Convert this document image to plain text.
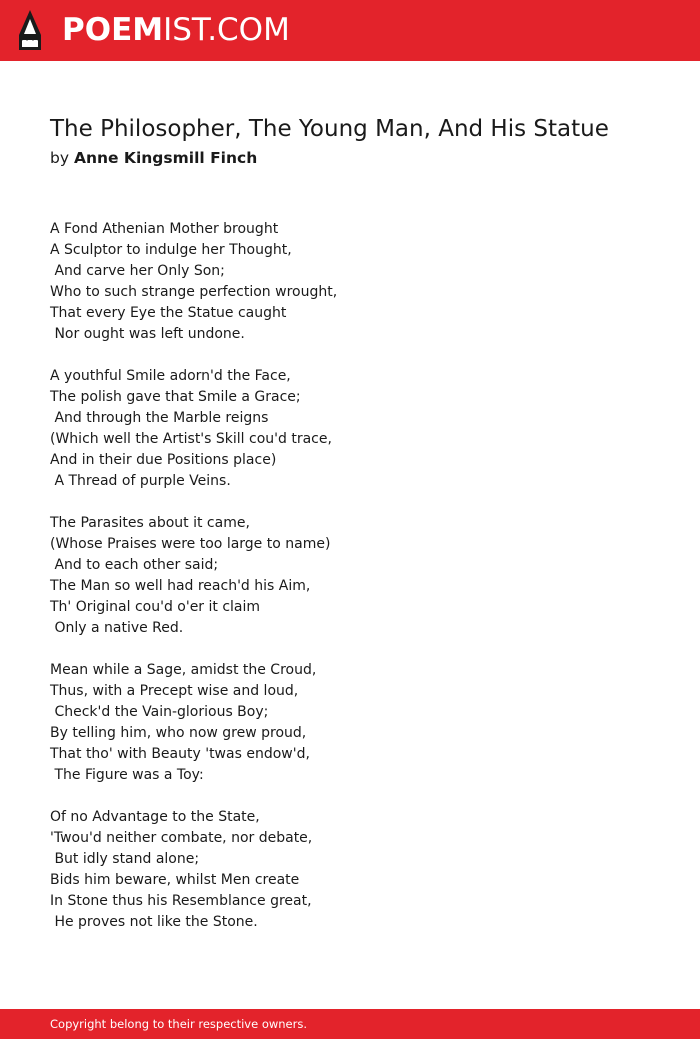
POEMIST.COM
The Philosopher, The Young Man, And His Statue
by Anne Kingsmill Finch
A Fond Athenian Mother brought
A Sculptor to indulge her Thought,
And carve her Only Son;
Who to such strange perfection wrought,
That every Eye the Statue caught
Nor ought was left undone.
A youthful Smile adorn'd the Face,
The polish gave that Smile a Grace;
And through the Marble reigns
(Which well the Artist's Skill cou'd trace,
And in their due Positions place)
A Thread of purple Veins.
The Parasites about it came,
(Whose Praises were too large to name)
And to each other said;
The Man so well had reach'd his Aim,
Th' Original cou'd o'er it claim
Only a native Red.
Mean while a Sage, amidst the Croud,
Thus, with a Precept wise and loud,
Check'd the Vain-glorious Boy;
By telling him, who now grew proud,
That tho' with Beauty 'twas endow'd,
The Figure was a Toy:
Of no Advantage to the State,
'Twou'd neither combate, nor debate,
But idly stand alone;
Bids him beware, whilst Men create
In Stone thus his Resemblance great,
He proves not like the Stone.
Copyright belong to their respective owners.
